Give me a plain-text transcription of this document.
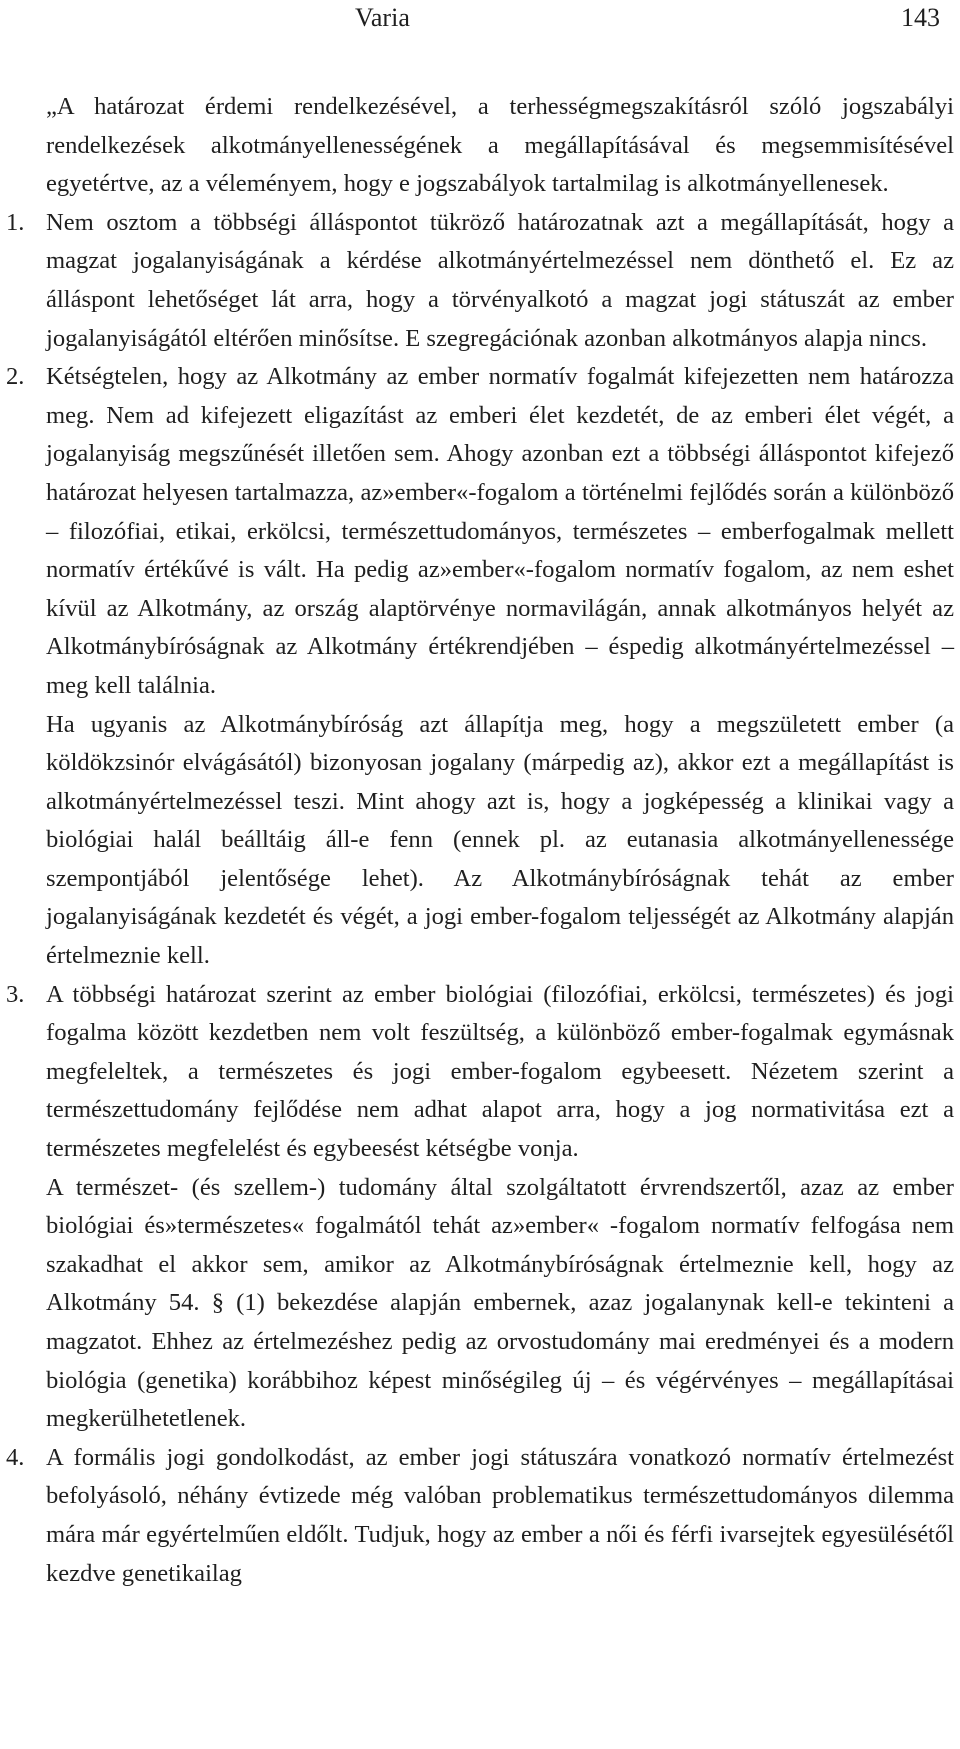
Varia	143
„A határozat érdemi rendelkezésével, a terhességmegszakításról szóló jogszabályi rendelkezések alkotmányellenességének a megállapításával és megsemmisítésével egyetértve, az a véleményem, hogy e jogszabályok tartalmilag is alkotmányellenesek.
1. Nem osztom a többségi álláspontot tükröző határozatnak azt a megállapítását, hogy a magzat jogalanyiságának a kérdése alkotmányértelmezéssel nem dönthető el. Ez az álláspont lehetőséget lát arra, hogy a törvényalkotó a magzat jogi státuszát az ember jogalanyiságától eltérően minősítse. E szegregációnak azonban alkotmányos alapja nincs.

2. Kétségtelen, hogy az Alkotmány az ember normatív fogalmát kifejezetten nem határozza meg. Nem ad kifejezett eligazítást az emberi élet kezdetét, de az emberi élet végét, a jogalanyiság megszűnését illetően sem. Ahogy azonban ezt a többségi álláspontot kifejező határozat helyesen tartalmazza, az»ember«-fogalom a történelmi fejlődés során a különböző – filozófiai, etikai, erkölcsi, természettudományos, természetes – emberfogalmak mellett normatív értékűvé is vált. Ha pedig az»ember«-fogalom normatív fogalom, az nem eshet kívül az Alkotmány, az ország alaptörvénye normavilágán, annak alkotmányos helyét az Alkotmánybíróságnak az Alkotmány értékrendjében – éspedig alkotmányértelmezéssel – meg kell találnia.

Ha ugyanis az Alkotmánybíróság azt állapítja meg, hogy a megszületett ember (a köldökzsinór elvágásától) bizonyosan jogalany (márpedig az), akkor ezt a megállapítást is alkotmányértelmezéssel teszi. Mint ahogy azt is, hogy a jogképesség a klinikai vagy a biológiai halál beálltáig áll-e fenn (ennek pl. az eutanasia alkotmányellenessége szempontjából jelentősége lehet). Az Alkotmánybíróságnak tehát az ember jogalanyiságának kezdetét és végét, a jogi ember-fogalom teljességét az Alkotmány alapján értelmeznie kell.

3. A többségi határozat szerint az ember biológiai (filozófiai, erkölcsi, természetes) és jogi fogalma között kezdetben nem volt feszültség, a különböző ember-fogalmak egymásnak megfeleltek, a természetes és jogi ember-fogalom egybeesett. Nézetem szerint a természettudomány fejlődése nem adhat alapot arra, hogy a jog normativitása ezt a természetes megfelelést és egybeesést kétségbe vonja.

A természet- (és szellem-) tudomány által szolgáltatott érvrendszertől, azaz az ember biológiai és»természetes« fogalmától tehát az»ember« -fogalom normatív felfogása nem szakadhat el akkor sem, amikor az Alkotmánybíróságnak értelmeznie kell, hogy az Alkotmány 54. § (1) bekezdése alapján embernek, azaz jogalanynak kell-e tekinteni a magzatot. Ehhez az értelmezéshez pedig az orvostudomány mai eredményei és a modern biológia (genetika) korábbihoz képest minőségileg új – és végérvényes – megállapításai megkerülhetetlenek.

4. A formális jogi gondolkodást, az ember jogi státuszára vonatkozó normatív értelmezést befolyásoló, néhány évtizede még valóban problematikus természettudományos dilemma mára már egyértelműen eldőlt. Tudjuk, hogy az ember a női és férfi ivarsejtek egyesülésétől kezdve genetikailag
